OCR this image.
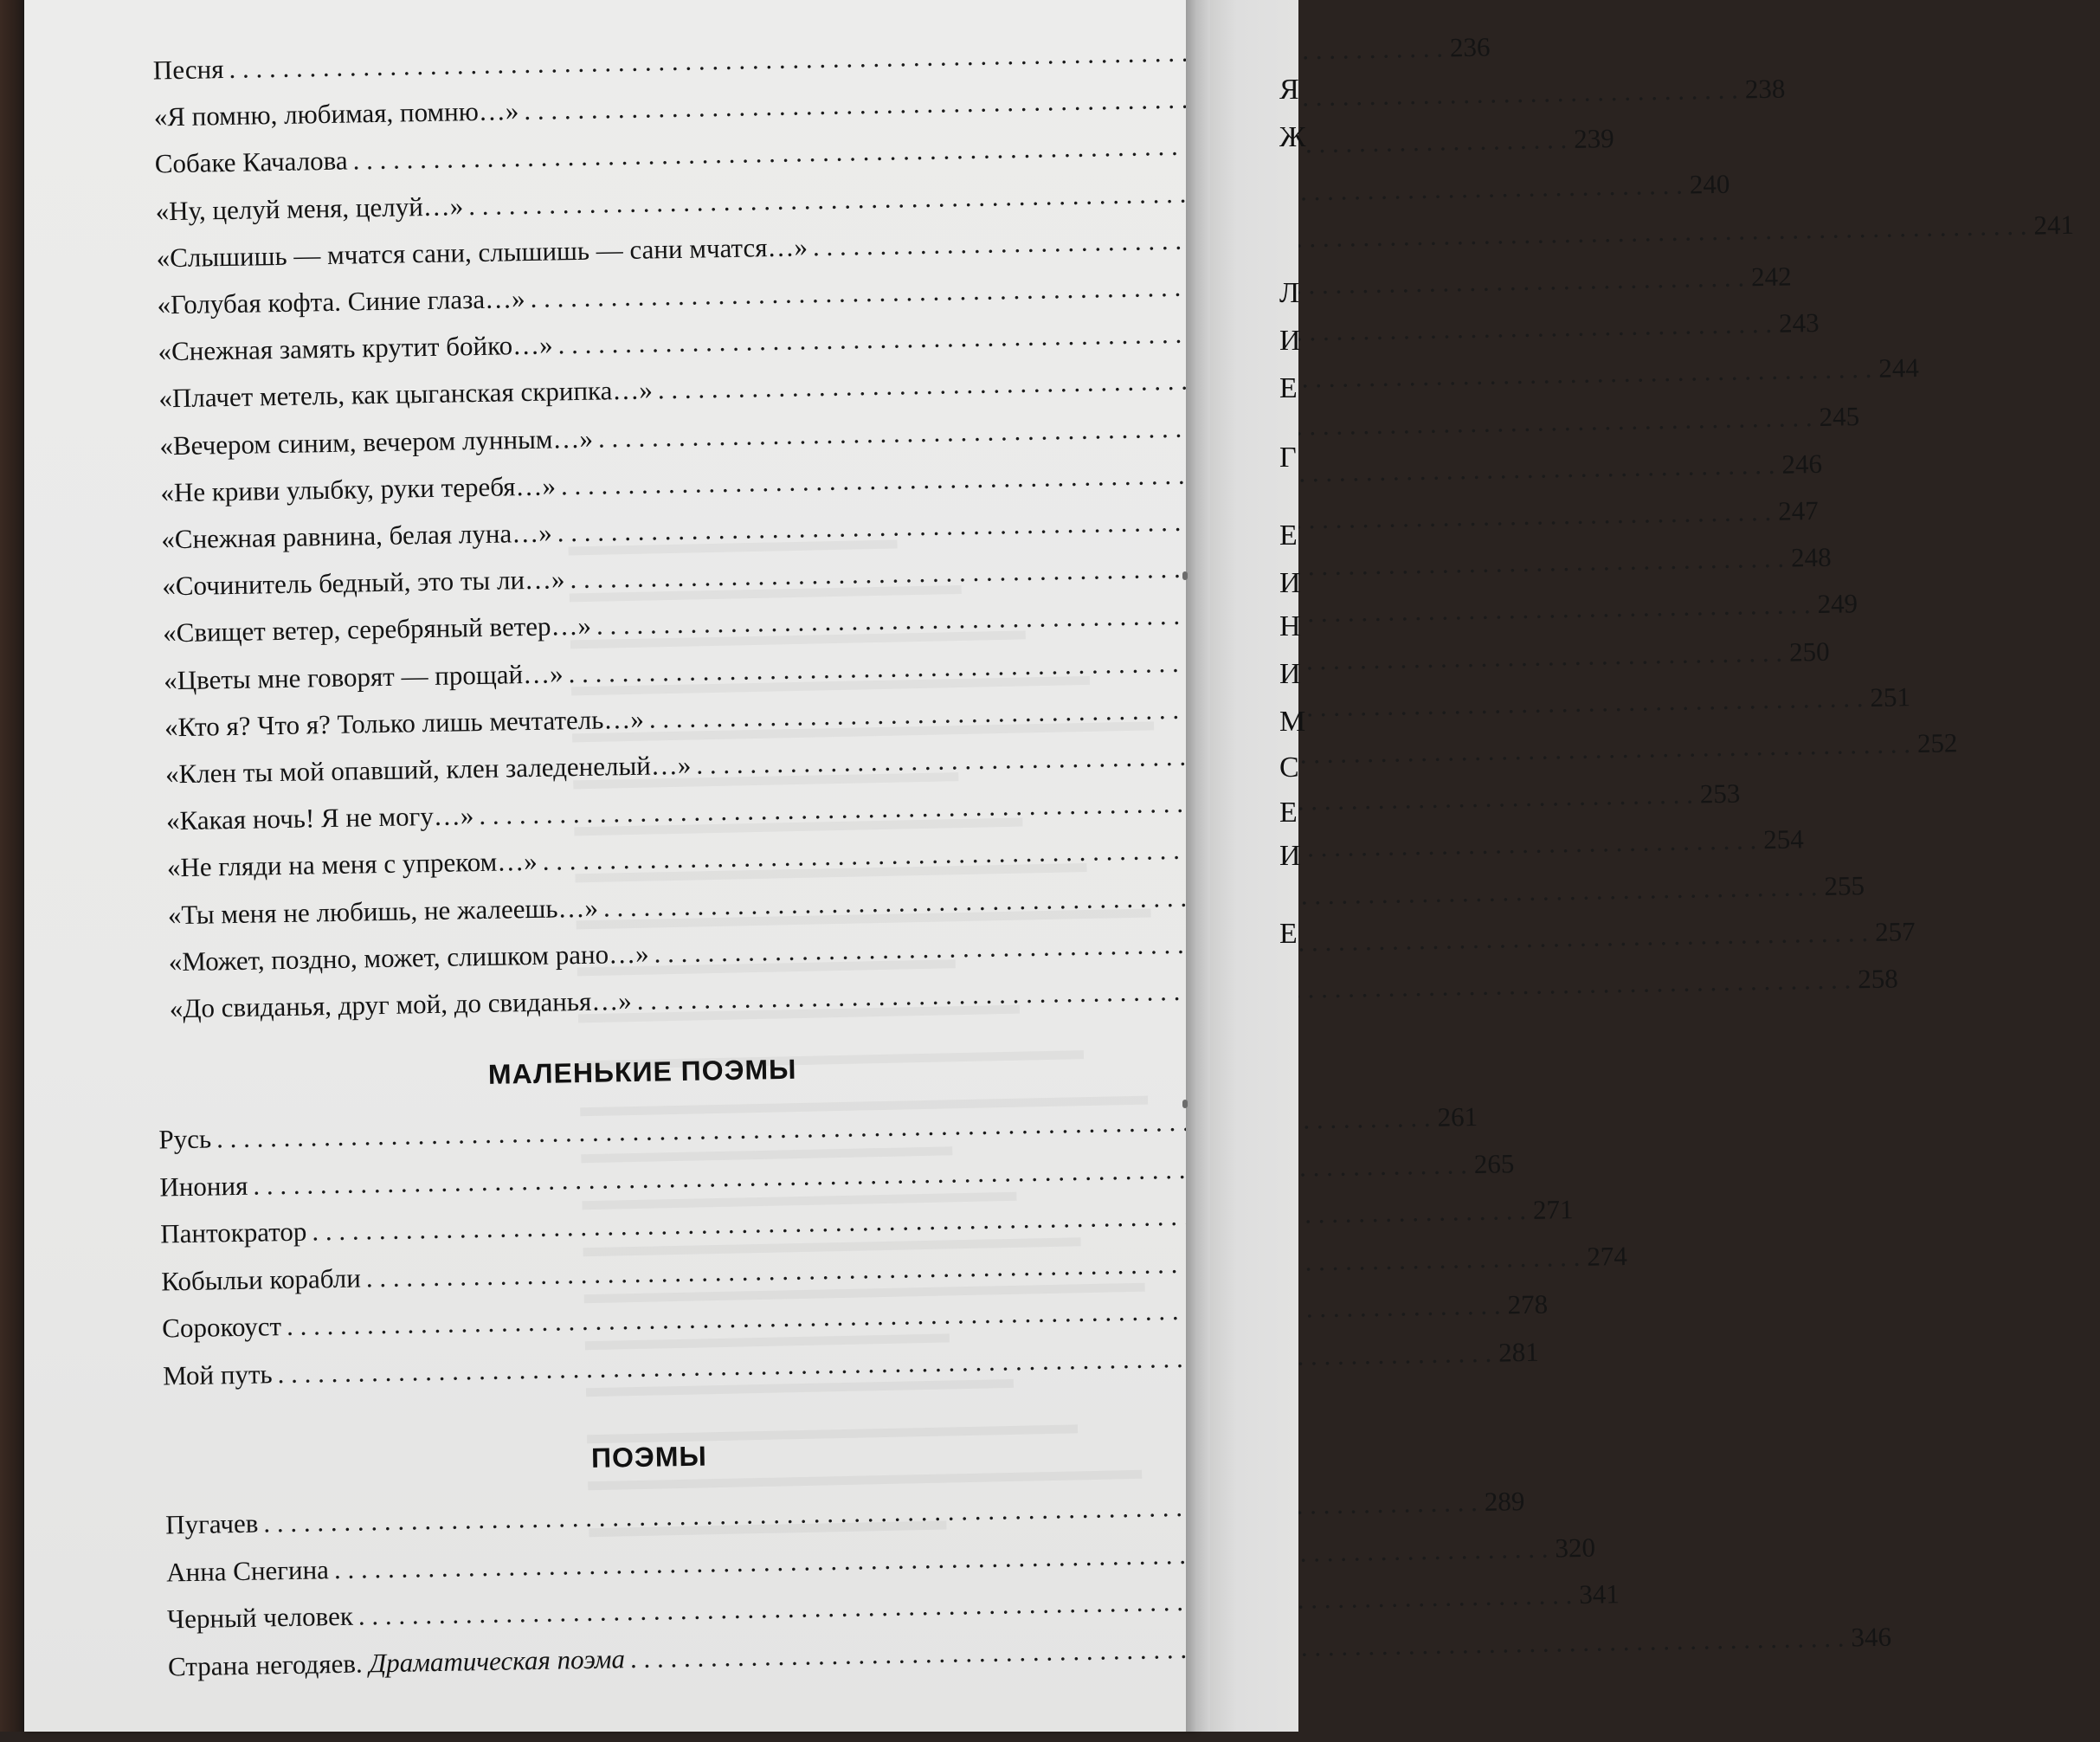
Песня
. . .
236
«Я помню, любимая, помню…»
. . .
238
Собаке Качалова
. . .
239
«Ну, целуй меня, целуй…»
. . .
240
«Слышишь — мчатся сани, слышишь — сани мчатся…»
. . .
241
«Голубая кофта. Синие глаза…»
. . .
242
«Снежная замять крутит бойко…»
. . .
243
«Плачет метель, как цыганская скрипка…»
. . .
244
«Вечером синим, вечером лунным…»
. . .
245
«Не криви улыбку, руки теребя…»
. . .
246
«Снежная равнина, белая луна…»
. . .
247
«Сочинитель бедный, это ты ли…»
. . .
248
«Свищет ветер, серебряный ветер…»
. . .
249
«Цветы мне говорят — прощай…»
. . .
250
«Кто я? Что я? Только лишь мечтатель…»
. . .
251
«Клен ты мой опавший, клен заледенелый…»
. . .
252
«Какая ночь! Я не могу…»
. . .
253
«Не гляди на меня с упреком…»
. . .
254
«Ты меня не любишь, не жалеешь…»
. . .
255
«Может, поздно, может, слишком рано…»
. . .
257
«До свиданья, друг мой, до свиданья…»
. . .
258
МАЛЕНЬКИЕ ПОЭМЫ
Русь
. . .
261
Инония
. . .
265
Пантократор
. . .
271
Кобыльи корабли
. . .
274
Сорокоуст
. . .
278
Мой путь
. . .
281
ПОЭМЫ
Пугачев
. . .
289
Анна Снегина
. . .
320
Черный человек
. . .
341
Страна негодяев. Драматическая поэма
. . .
346
Я
Ж
Л
И
Е
Г
Е
И
Н
И
М
С
Е
И
Е
